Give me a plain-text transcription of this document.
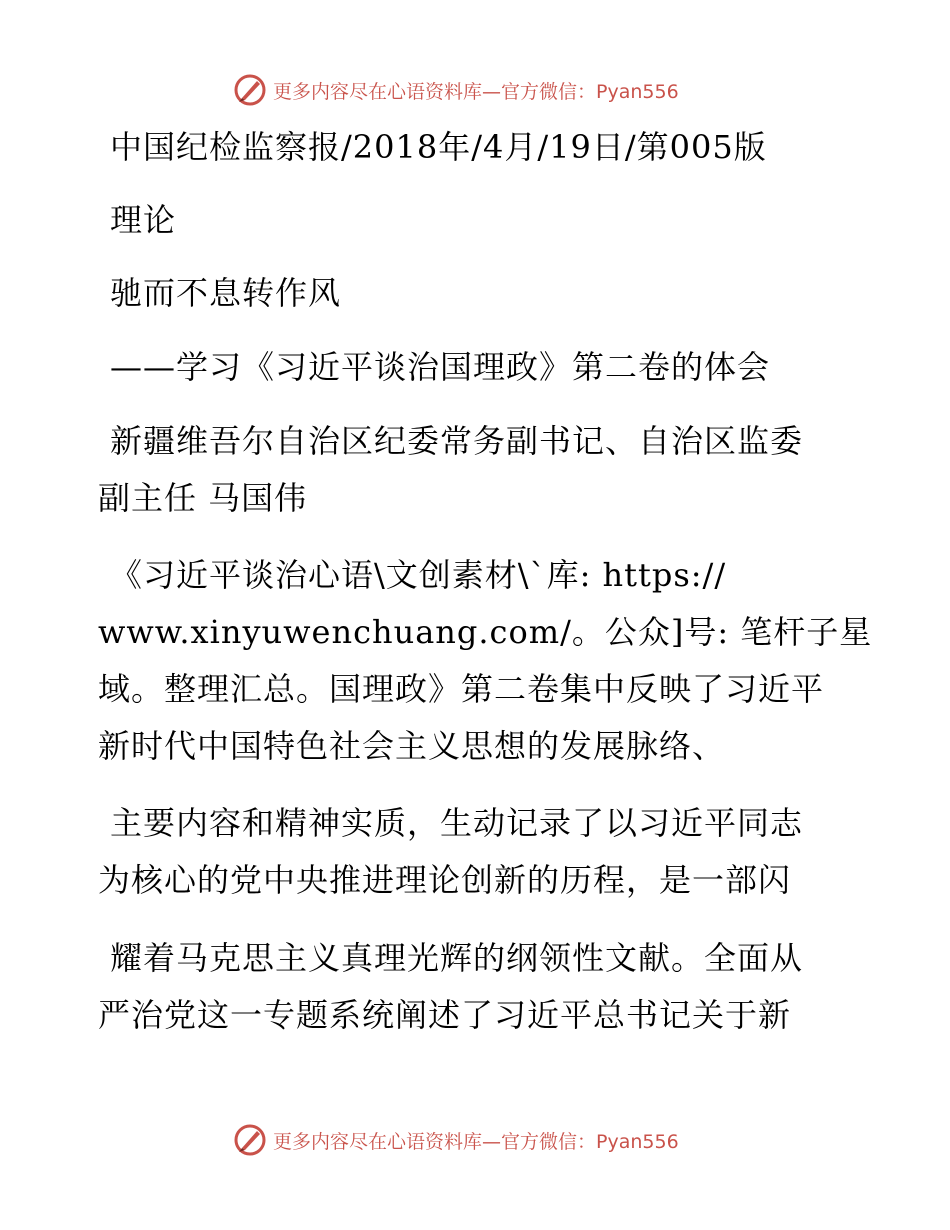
更多内容尽在心语资料库—官方微信：Pyan556
中国纪检监察报/2018年/4月/19日/第005版
理论
驰而不息转作风
——学习《习近平谈治国理政》第二卷的体会
新疆维吾尔自治区纪委常务副书记、自治区监委
副主任 马国伟
《习近平谈治心语\文创素材\`库: https://
www.xinyuwenchuang.com/。公众]号: 笔杆子星
域。整理汇总。国理政》第二卷集中反映了习近平
新时代中国特色社会主义思想的发展脉络、
主要内容和精神实质，生动记录了以习近平同志
为核心的党中央推进理论创新的历程，是一部闪
耀着马克思主义真理光辉的纲领性文献。全面从
严治党这一专题系统阐述了习近平总书记关于新
更多内容尽在心语资料库—官方微信：Pyan556
